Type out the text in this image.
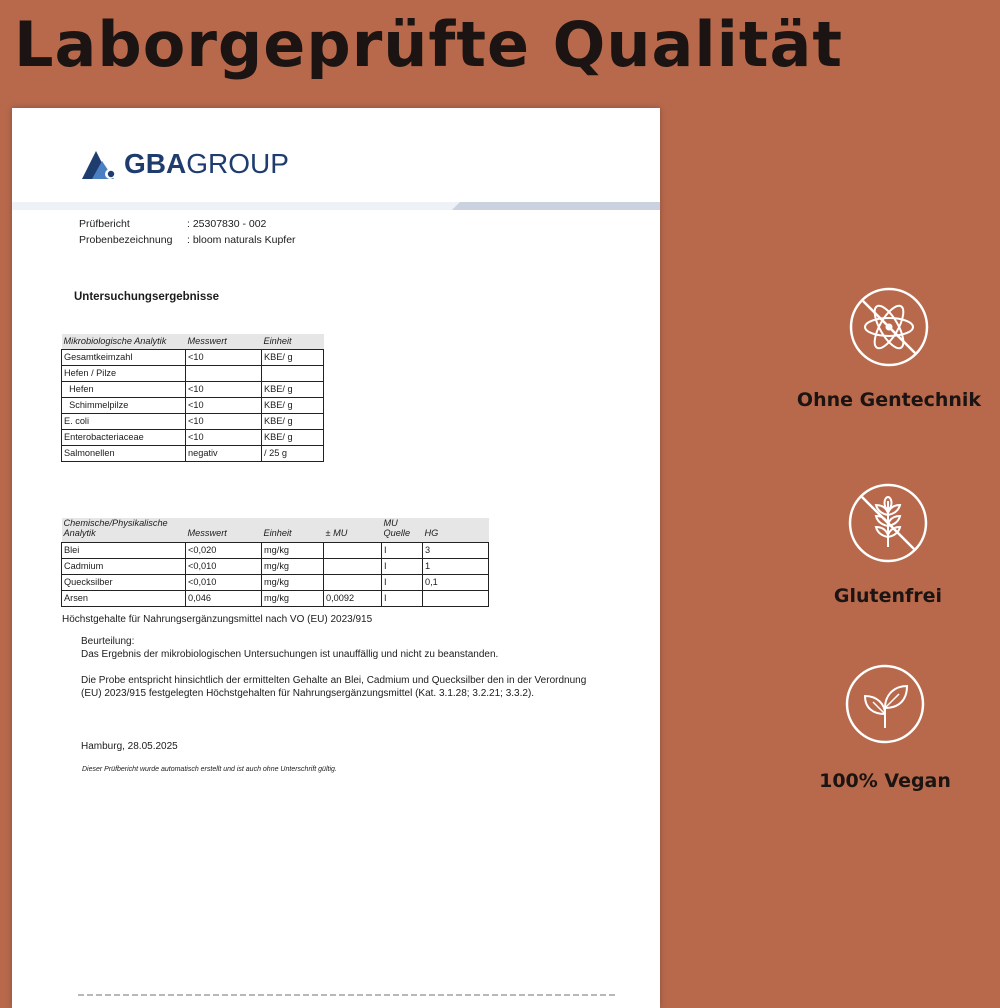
Laborgeprüfte Qualität
GBAGROUP
Prüfbericht	: 25307830 - 002
Probenbezeichnung	: bloom naturals Kupfer
Untersuchungsergebnisse
Mikrobiologische Analytik	Messwert	Einheit
Gesamtkeimzahl	<10	KBE/ g
Hefen / Pilze		
Hefen	<10	KBE/ g
Schimmelpilze	<10	KBE/ g
E. coli	<10	KBE/ g
Enterobacteriaceae	<10	KBE/ g
Salmonellen	negativ	/ 25 g
Chemische/Physikalische Analytik	Messwert	Einheit	± MU	MU Quelle	HG
Blei	<0,020	mg/kg		I	3
Cadmium	<0,010	mg/kg		I	1
Quecksilber	<0,010	mg/kg		I	0,1
Arsen	0,046	mg/kg	0,0092	I	
Höchstgehalte für Nahrungsergänzungsmittel nach VO (EU) 2023/915
Beurteilung:

Das Ergebnis der mikrobiologischen Untersuchungen ist unauffällig und nicht zu beanstanden.

Die Probe entspricht hinsichtlich der ermittelten Gehalte an Blei, Cadmium und Quecksilber den in der Verordnung (EU) 2023/915 festgelegten Höchstgehalten für Nahrungsergänzungsmittel (Kat. 3.1.28; 3.2.21; 3.3.2).

Hamburg, 28.05.2025
Dieser Prüfbericht wurde automatisch erstellt und ist auch ohne Unterschrift gültig.
Ohne Gentechnik
Glutenfrei
100% Vegan
